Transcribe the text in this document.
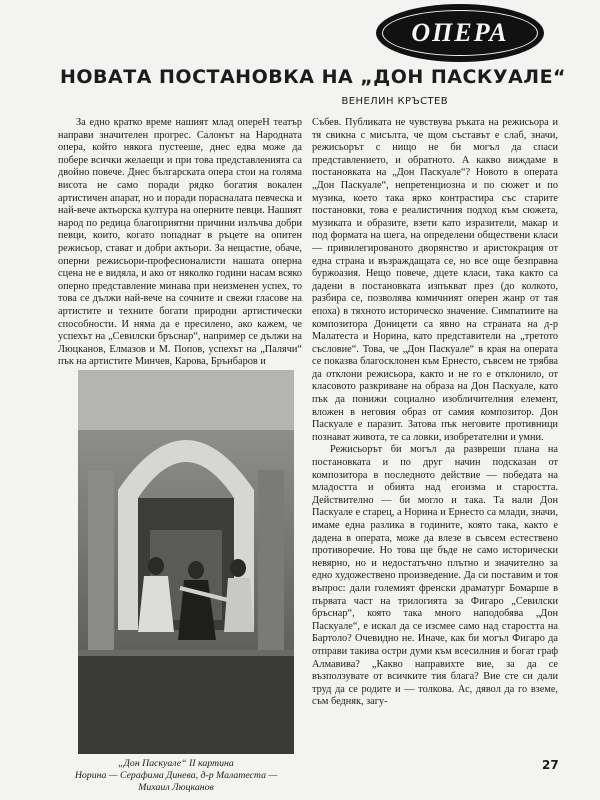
ОПЕРА
НОВАТА ПОСТАНОВКА НА „ДОН ПАСКУАЛЕ“
ВЕНЕЛИН КРЪСТЕВ

За едно кратко време нашият млад опереН театър направи значителен прогрес. Салонът на Народната опера, който някога пустееше, днес едва може да побере всички желаещи и при това представленията са двойно повече. Днес българската опера стои на голяма висота не само поради рядко богатия вокален артистичен апарат, но и поради порасналата певческа и най-вече актьорска култура на оперните певци. Нашият народ по редица благоприятни причини излъчва добри певци, които, когато попаднат в ръцете на опитен режисьор, стават и добри актьори. За нещастие, обаче, оперни режисьори-професионалисти нашата оперна сцена не е видяла, и ако от няколко години насам всяко оперно представление минава при неизменен успех, то това се дължи най-вече на сочните и свежи гласове на артистите и техните богати природни артистически способности. И няма да е пресилено, ако кажем, че успехът на „Севилски бръснар“, например се дължи на Люцканов, Елмазов и М. Попов, успехът на „Палячи“ пък на артистите Минчев, Карова, Брънбаров и

„Дон Паскуале“ II картина
Норина — Серафима Динева, д-р Малатеста —
Михаил Люцканов

Събев. Публиката не чувствува ръката на режисьора и тя свикна с мисълта, че щом съставът е слаб, значи, режисьорът с нищо не би могъл да спаси представлението, и обратното. А какво виждаме в постановката на „Дон Паскуале“? Новото в операта „Дон Паскуале“, непретенциозна и по сюжет и по музика, което така ярко контрастира със старите постановки, това е реалистичния подход към сюжета, музиката и образите, взети като изразители, макар и под формата на шега, на определени обществени класи — привилегированото дворянство и аристокрация от една страна и възраждащата се, но все още безправна буржоазия. Нещо повече, дцете класи, така както са дадени в постановката изпъкват през (до колкото, разбира се, позволява комичният оперен жанр от тая епоха) в тяхното историческо значение. Симпатиите на композитора Доницети са явно на страната на д-р Малатеста и Норина, като представители на „третото съсловие“. Това, че „Дон Паскуале“ в края на операта се показва благосклонен към Ернесто, съвсем не трябва да отклони режисьора, както и не го е отклонило, от класовото разкриване на образа на Дон Паскуале, като пък да понижи социално изобличителния елемент, вложен в неговия образ от самия композитор. Дон Паскуале е паразит. Затова пък неговите противници познават живота, те са ловки, изобретателни и умни.

Режисьорът би могъл да развреши плана на постановката и по друг начин подсказан от композитора в последното действие — победата на младостта и обията над егоизма и старостта. Действително — би могло и така. Та нали Дон Паскуале е старец, а Норина и Ернесто са млади, значи, имаме една разлика в годините, която така, както е дадена в операта, може да влезе в съвсем естествено противоречие. Но това ще бъде не само исторически невярно, но и недостатъчно плътно и значително за едно художествено произведение. Да си поставим и тоя въпрос: дали големият френски драматург Бомарше в първата част на трилогията за Фигаро „Севилски бръснар“, която така много наподобява „Дон Паскуале“, е искал да се изсмее само над старостта на Бартоло? Очевидно не. Иначе, как би могъл Фигаро да отправи такива остри думи към всесилния и богат граф Алмавива? „Какво направихте вие, за да се възползувате от всичките тия блага? Вие сте си дали труд да се родите и — толкова. Ас, дявол да го вземе, съм бедняк, загу-

27
